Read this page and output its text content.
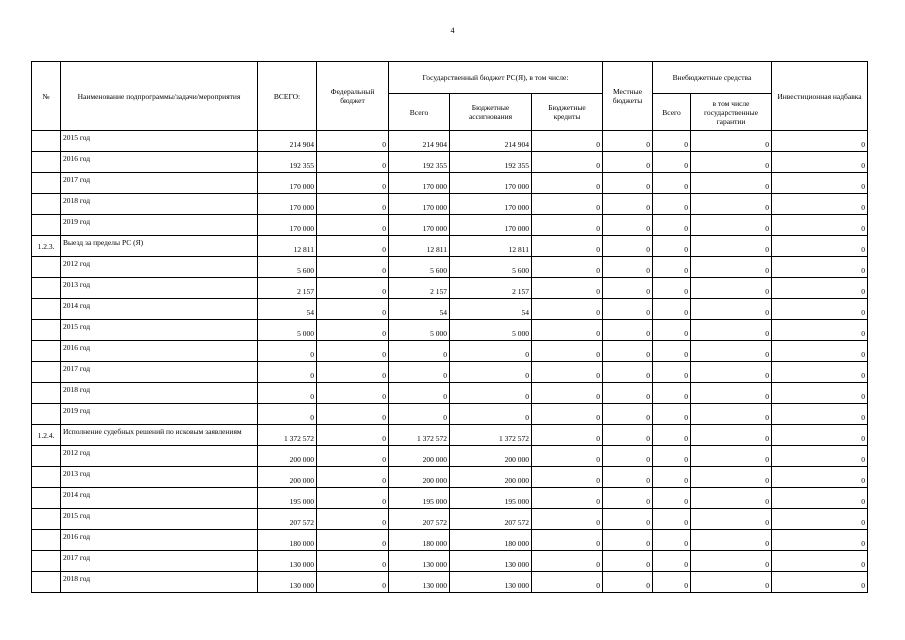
4
№	Наименование подпрограммы/задачи/мероприятия	ВСЕГО:	Федеральный бюджет	Государственный бюджет РС(Я), в том числе:			Местные бюджеты	Внебюджетные средства		Инвестиционная надбавка
				Всего	Бюджетные ассигнования	Бюджетные кредиты		Всего	в том числе государственные гарантии	
	2015 год	214 904	0	214 904	214 904	0	0	0	0	0
	2016 год	192 355	0	192 355	192 355	0	0	0	0	0
	2017 год	170 000	0	170 000	170 000	0	0	0	0	0
	2018 год	170 000	0	170 000	170 000	0	0	0	0	0
	2019 год	170 000	0	170 000	170 000	0	0	0	0	0
1.2.3.	Выезд за пределы РС (Я)	12 811	0	12 811	12 811	0	0	0	0	0
	2012 год	5 600	0	5 600	5 600	0	0	0	0	0
	2013 год	2 157	0	2 157	2 157	0	0	0	0	0
	2014 год	54	0	54	54	0	0	0	0	0
	2015 год	5 000	0	5 000	5 000	0	0	0	0	0
	2016 год	0	0	0	0	0	0	0	0	0
	2017 год	0	0	0	0	0	0	0	0	0
	2018 год	0	0	0	0	0	0	0	0	0
	2019 год	0	0	0	0	0	0	0	0	0
1.2.4.	Исполнение судебных решений по исковым заявлениям	1 372 572	0	1 372 572	1 372 572	0	0	0	0	0
	2012 год	200 000	0	200 000	200 000	0	0	0	0	0
	2013 год	200 000	0	200 000	200 000	0	0	0	0	0
	2014 год	195 000	0	195 000	195 000	0	0	0	0	0
	2015 год	207 572	0	207 572	207 572	0	0	0	0	0
	2016 год	180 000	0	180 000	180 000	0	0	0	0	0
	2017 год	130 000	0	130 000	130 000	0	0	0	0	0
	2018 год	130 000	0	130 000	130 000	0	0	0	0	0
